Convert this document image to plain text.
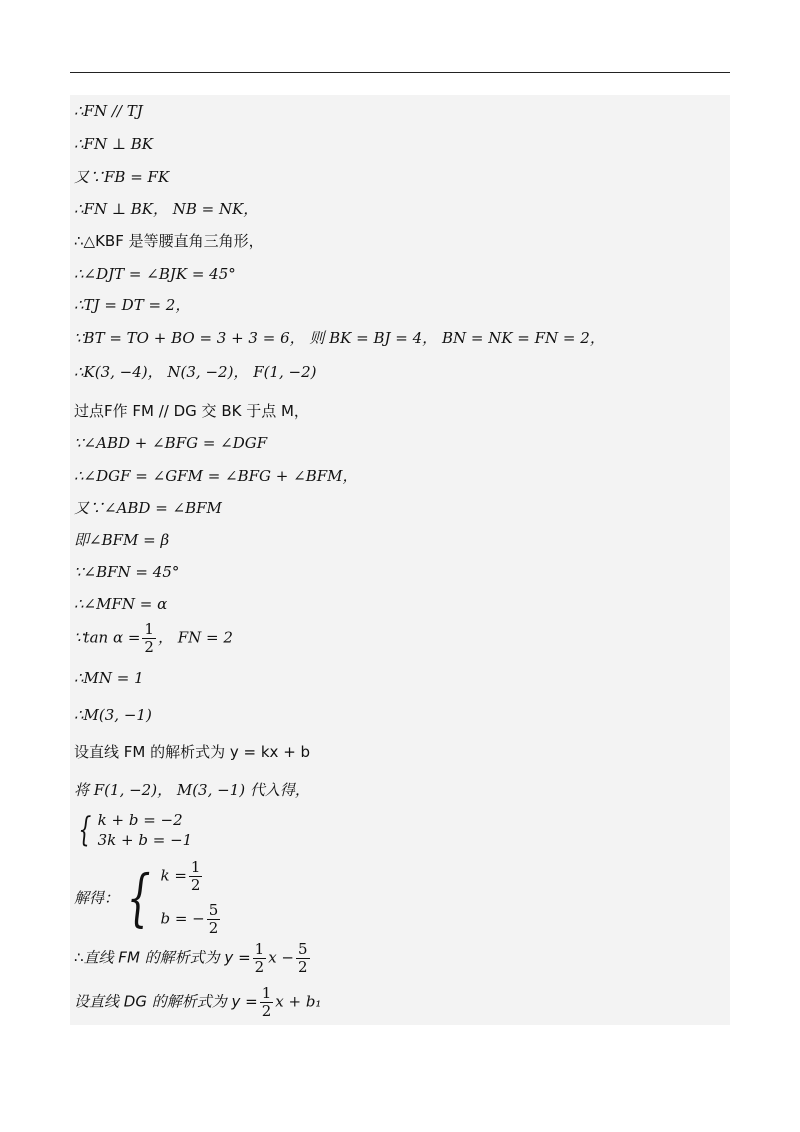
∴FN // TJ
∴FN ⊥ BK
又∵FB = FK
∴FN ⊥ BK， NB = NK，
∴△KBF 是等腰直角三角形，
∴∠DJT = ∠BJK = 45°
∴TJ = DT = 2，
∵BT = TO + BO = 3 + 3 = 6， 则 BK = BJ = 4， BN = NK = FN = 2，
∴K(3, −4)， N(3, −2)， F(1, −2)
过点F作 FM // DG 交 BK 于点 M，
∵∠ABD + ∠BFG = ∠DGF
∴∠DGF = ∠GFM = ∠BFG + ∠BFM，
又∵∠ABD = ∠BFM
即∠BFM = β
∵∠BFN = 45°
∴∠MFN = α
∵tan $\alpha = \frac{1}{2}$ ， FN = 2
∴MN = 1
∴M(3, −1)
设直线 FM 的解析式为 y = kx + b
将 F(1, −2)， M(3, −1) 代入得，
{ k + b = −2
3k + b = −1
解得： { $k = \frac{1}{2}$
b = − $\frac{5}{2}$
∴直线 FM 的解析式为 $y = \frac{1}{2}$ $x - \frac{5}{2}$
设直线 DG 的解析式为 $y = \frac{1}{2}$ x + b₁
